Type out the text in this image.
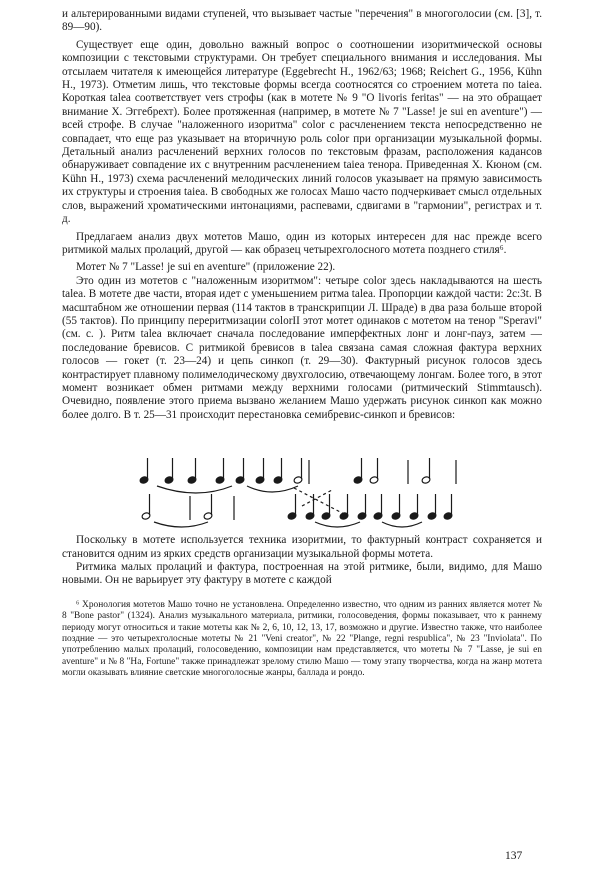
и альтерированными видами ступеней, что вызывает частые "перечения" в многоголосии (см. [3], т. 89—90).

Существует еще один, довольно важный вопрос о соотношении изоритмической основы композиции с текстовыми структурами. Он требует специального внимания и исследования. Мы отсылаем читателя к имеющейся литературе (Eggebrecht H., 1962/63; 1968; Reichert G., 1956, Kühn H., 1973). Отметим лишь, что текстовые формы всегда соотносятся со строением мотета по taiea. Короткая talea соответствует vers строфы (как в мотете № 9 "O livoris feritas" — на это обращает внимание Х. Эггебрехт). Более протяженная (например, в мотете № 7 "Lasse! je sui en aventure") — всей строфе. В случае "наложенного изоритма" color с расчленением текста непосредственно не совпадает, что еще раз указывает на вторичную роль color при организации музыкальной формы. Детальный анализ расчленений верхних голосов по текстовым фразам, расположения кадансов обнаруживает совпадение их с внутренним расчленением taiea тенора. Приведенная Х. Кюном (см. Kühn H., 1973) схема расчленений мелодических линий голосов указывает на прямую зависимость их структуры и строения taiea. В свободных же голосах Машо часто подчеркивает смысл отдельных слов, выражений хроматическими интонациями, распевами, сдвигами в "гармонии", регистрах и т. д.

Предлагаем анализ двух мотетов Машо, один из которых интересен для нас прежде всего ритмикой малых пролаций, другой — как образец четырехголосного мотета позднего стиля⁶.

Мотет № 7 "Lasse! je sui en aventure" (приложение 22).

Это один из мотетов с "наложенным изоритмом": четыре color здесь накладываются на шесть talea. В мотете две части, вторая идет с уменьшением ритма talea. Пропорции каждой части: 2c:3t. В масштабном же отношении первая (114 тактов в транскрипции Л. Шраде) в два раза больше второй (55 тактов). По принципу переритмизации colorII этот мотет одинаков с мотетом на тенор "Speravi" (см. с. ). Ритм talea включает сначала последование имперфектных лонг и лонг-пауз, затем — последование бревисов. С ритмикой бревисов в talea связана самая сложная фактура верхних голосов — гокет (т. 23—24) и цепь синкоп (т. 29—30). Фактурный рисунок голосов здесь контрастирует плавному полимелодическому двухголосию, отвечающему лонгам. Более того, в этот момент возникает обмен ритмами между верхними голосами (ритмический Stimmtausch). Очевидно, появление этого приема вызвано желанием Машо удержать рисунок синкоп как можно более долго. В т. 25—31 происходит перестановка семибревис-синкоп и бревисов:

Поскольку в мотете используется техника изоритмии, то фактурный контраст сохраняется и становится одним из ярких средств организации музыкальной формы мотета.

Ритмика малых пролаций и фактура, построенная на этой ритмике, были, видимо, для Машо новыми. Он не варьирует эту фактуру в мотете с каждой

⁶ Хронология мотетов Машо точно не установлена. Определенно известно, что одним из ранних является мотет № 8 "Bone pastor" (1324). Анализ музыкального материала, ритмики, голосоведения, формы показывает, что к раннему периоду могут относиться и такие мотеты как № 2, 6, 10, 12, 13, 17, возможно и другие. Известно также, что наиболее поздние — это четырехголосные мотеты № 21 "Veni creator", № 22 "Plange, regni respublica", № 23 "Inviolata". По употреблению малых пролаций, голосоведению, композиции нам представляется, что мотеты № 7 "Lasse, je sui en aventure" и № 8 "Ha, Fortune" также принадлежат зрелому стилю Машо — тому этапу творчества, когда на жанр мотета могли оказывать влияние светские многоголосные жанры, баллада и рондо.

137
